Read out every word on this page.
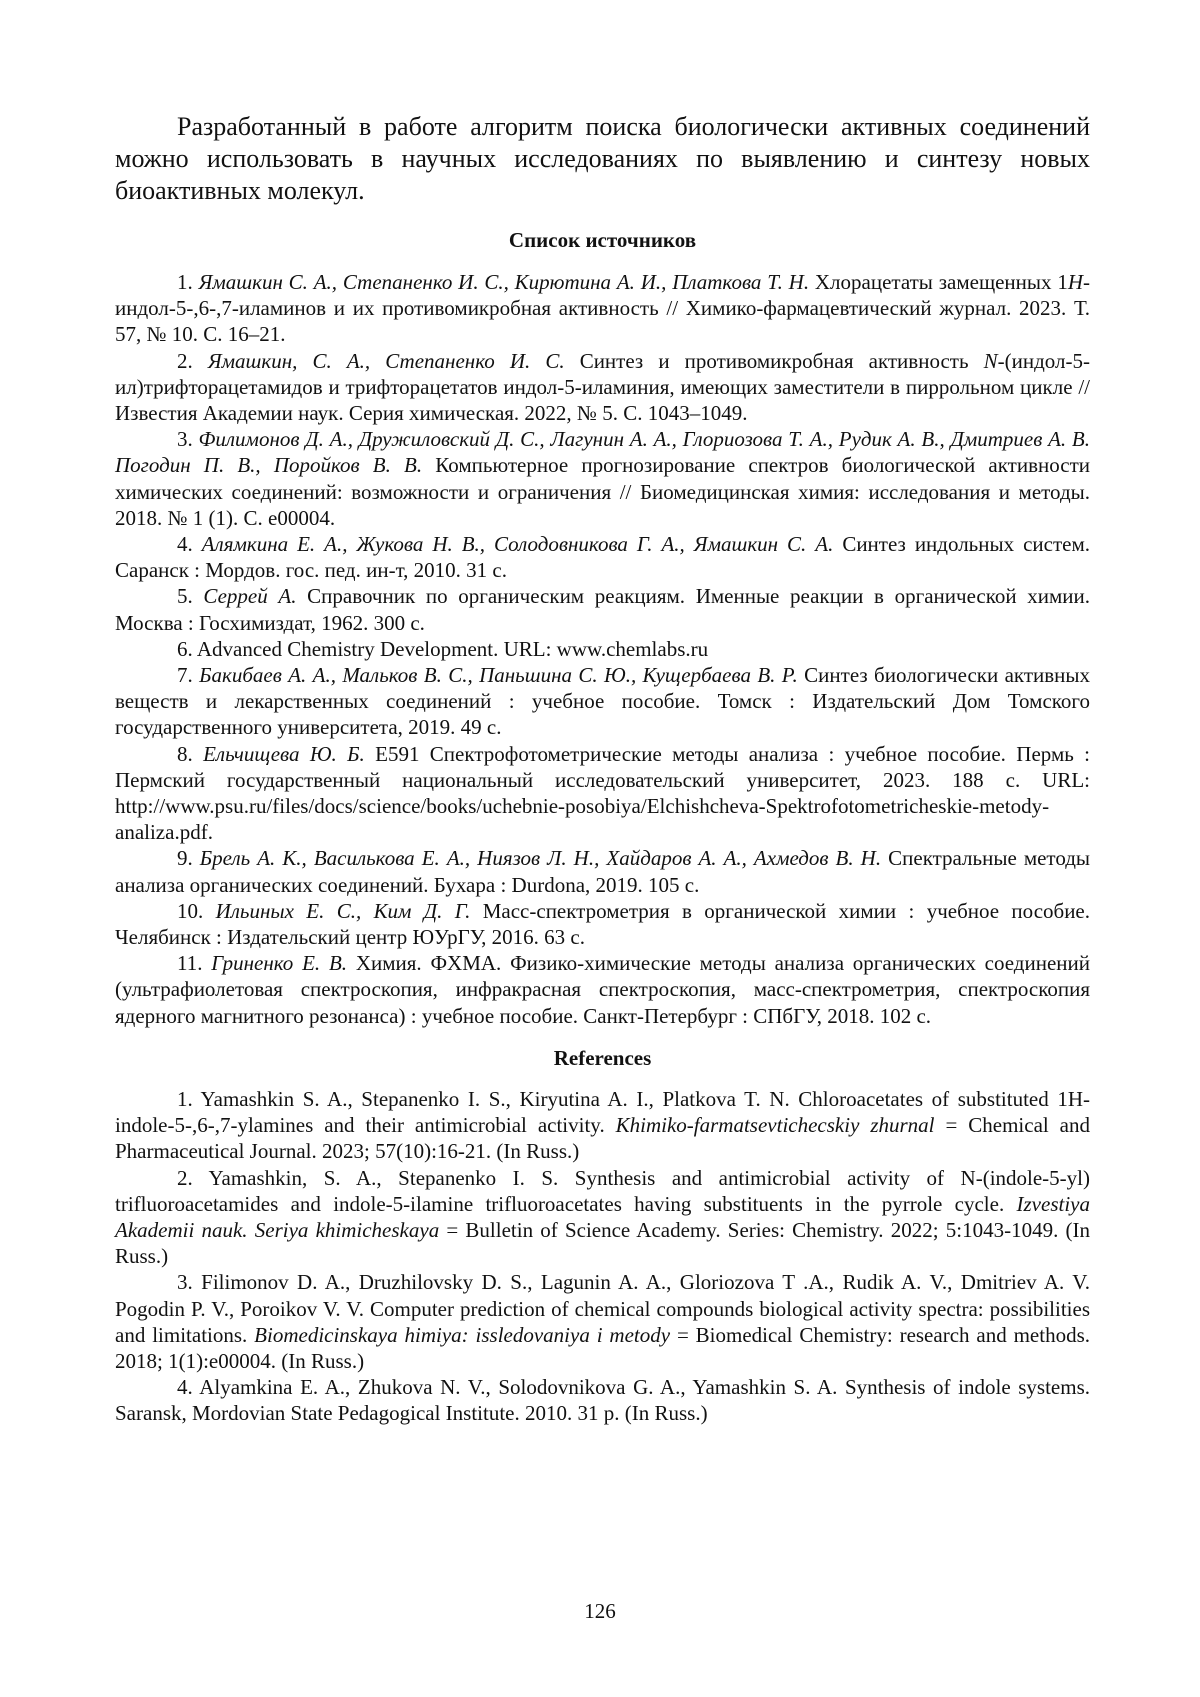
Разработанный в работе алгоритм поиска биологически активных соединений можно использовать в научных исследованиях по выявлению и синтезу новых биоактивных молекул.

Список источников

1. Ямашкин С. А., Степаненко И. С., Кирютина А. И., Платкова Т. Н. Хлорацетаты замещенных 1H-индол-5-,6-,7-иламинов и их противомикробная активность // Химико-фармацевтический журнал. 2023. Т. 57, № 10. С. 16–21.

2. Ямашкин, С. А., Степаненко И. С. Синтез и противомикробная активность N-(индол-5-ил)трифторацетамидов и трифторацетатов индол-5-иламиния, имеющих заместители в пиррольном цикле // Известия Академии наук. Серия химическая. 2022, № 5. С. 1043–1049.

3. Филимонов Д. А., Дружиловский Д. С., Лагунин А. А., Глориозова Т. А., Рудик А. В., Дмитриев А. В. Погодин П. В., Поройков В. В. Компьютерное прогнозирование спектров биологической активности химических соединений: возможности и ограничения // Биомедицинская химия: исследования и методы. 2018. № 1 (1). С. e00004.

4. Алямкина Е. А., Жукова Н. В., Солодовникова Г. А., Ямашкин С. А. Синтез индольных систем. Саранск : Мордов. гос. пед. ин-т, 2010. 31 с.

5. Серрей А. Справочник по органическим реакциям. Именные реакции в органической химии. Москва : Госхимиздат, 1962. 300 с.

6. Advanced Chemistry Development. URL: www.chemlabs.ru

7. Бакибаев А. А., Мальков В. С., Паньшина С. Ю., Кущербаева В. Р. Синтез биологически активных веществ и лекарственных соединений : учебное пособие. Томск : Издательский Дом Томского государственного университета, 2019. 49 с.

8. Ельчищева Ю. Б. Е591 Спектрофотометрические методы анализа : учебное пособие. Пермь : Пермский государственный национальный исследовательский университет, 2023. 188 с. URL: http://www.psu.ru/files/docs/science/books/uchebnie-posobiya/Elchishcheva-Spektrofotometricheskie-metody-analiza.pdf.

9. Брель А. К., Василькова Е. А., Ниязов Л. Н., Хайдаров А. А., Ахмедов В. Н. Спектральные методы анализа органических соединений. Бухара : Durdona, 2019. 105 с.

10. Ильиных Е. С., Ким Д. Г. Масс-спектрометрия в органической химии : учебное пособие. Челябинск : Издательский центр ЮУрГУ, 2016. 63 с.

11. Гриненко Е. В. Химия. ФХМА. Физико-химические методы анализа органических соединений (ультрафиолетовая спектроскопия, инфракрасная спектроскопия, масс-спектрометрия, спектроскопия ядерного магнитного резонанса) : учебное пособие. Санкт-Петербург : СПбГУ, 2018. 102 с.

References

1. Yamashkin S. A., Stepanenko I. S., Kiryutina A. I., Platkova T. N. Chloroacetates of substituted 1H-indole-5-,6-,7-ylamines and their antimicrobial activity. Khimiko-farmatsevtichecskiy zhurnal = Chemical and Pharmaceutical Journal. 2023; 57(10):16-21. (In Russ.)

2. Yamashkin, S. A., Stepanenko I. S. Synthesis and antimicrobial activity of N-(indole-5-yl) trifluoroacetamides and indole-5-ilamine trifluoroacetates having substituents in the pyrrole cycle. Izvestiya Akademii nauk. Seriya khimicheskaya = Bulletin of Science Academy. Series: Chemistry. 2022; 5:1043-1049. (In Russ.)

3. Filimonov D. A., Druzhilovsky D. S., Lagunin A. A., Gloriozova T .A., Rudik A. V., Dmitriev A. V. Pogodin P. V., Poroikov V. V. Computer prediction of chemical compounds biological activity spectra: possibilities and limitations. Biomedicinskaya himiya: issledovaniya i metody = Biomedical Chemistry: research and methods. 2018; 1(1):e00004. (In Russ.)

4. Alyamkina E. A., Zhukova N. V., Solodovnikova G. A., Yamashkin S. A. Synthesis of indole systems. Saransk, Mordovian State Pedagogical Institute. 2010. 31 p. (In Russ.)

126
